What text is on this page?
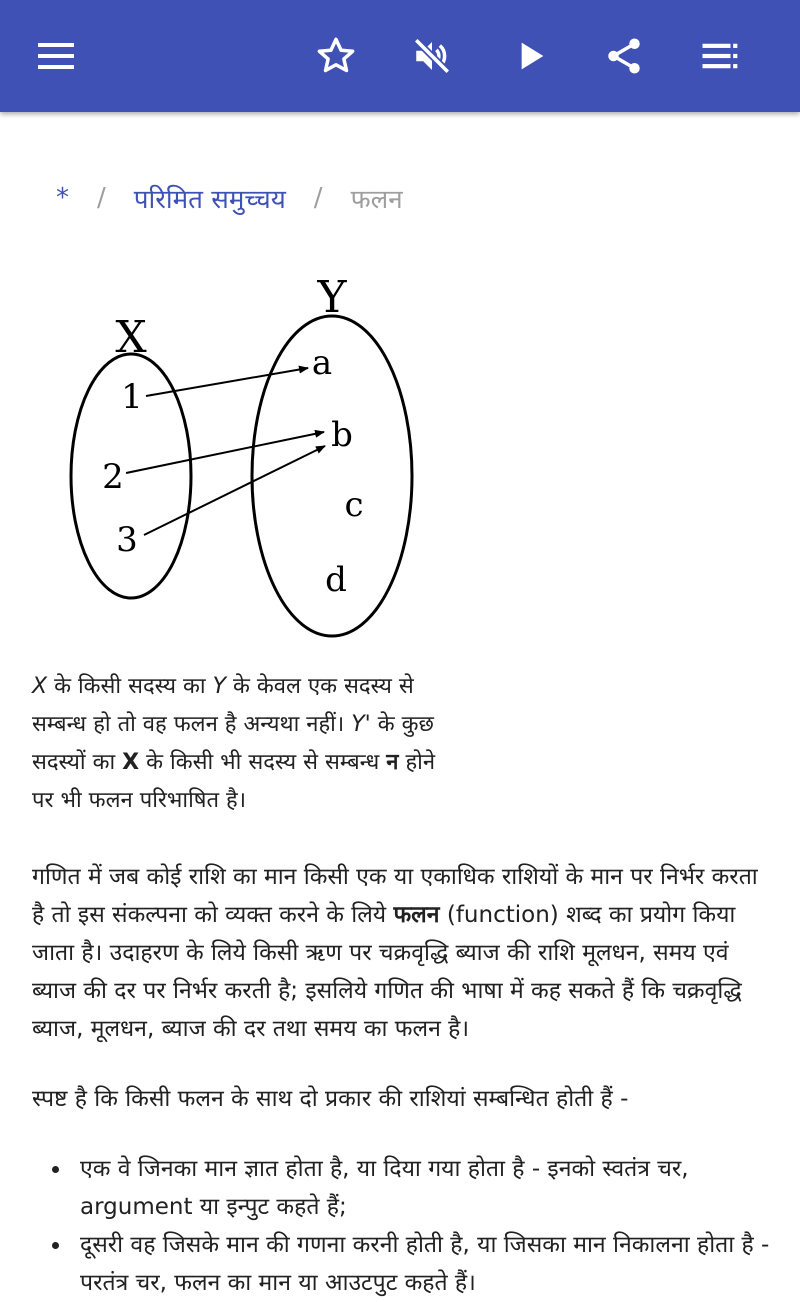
* / परिमित समुच्चय / फलन
X
Y
1
2
3
a
b
c
d
X के किसी सदस्य का Y के केवल एक सदस्य से सम्बन्ध हो तो वह फलन है अन्यथा नहीं। Y' के कुछ सदस्यों का X के किसी भी सदस्य से सम्बन्ध न होने पर भी फलन परिभाषित है।

गणित में जब कोई राशि का मान किसी एक या एकाधिक राशियों के मान पर निर्भर करता है तो इस संकल्पना को व्यक्त करने के लिये फलन (function) शब्द का प्रयोग किया जाता है। उदाहरण के लिये किसी ऋण पर चक्रवृद्धि ब्याज की राशि मूलधन, समय एवं ब्याज की दर पर निर्भर करती है; इसलिये गणित की भाषा में कह सकते हैं कि चक्रवृद्धि ब्याज, मूलधन, ब्याज की दर तथा समय का फलन है।

स्पष्ट है कि किसी फलन के साथ दो प्रकार की राशियां सम्बन्धित होती हैं -

एक वे जिनका मान ज्ञात होता है, या दिया गया होता है - इनको स्वतंत्र चर, argument या इन्पुट कहते हैं;
दूसरी वह जिसके मान की गणना करनी होती है, या जिसका मान निकालना होता है - परतंत्र चर, फलन का मान या आउटपुट कहते हैं।
